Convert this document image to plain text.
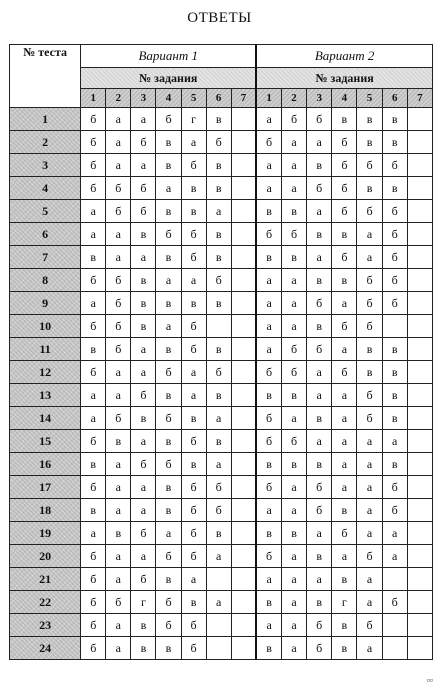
ОТВЕТЫ
№ теста	Вариант 1							Вариант 2						
	№ задания							№ задания						
	1	2	3	4	5	6	7	1	2	3	4	5	6	7
1	б	а	а	б	г	в		а	б	б	в	в	в	
2	б	а	б	в	а	б		б	а	а	б	в	в	
3	б	а	а	в	б	в		а	а	в	б	б	б	
4	б	б	б	а	в	в		а	а	б	б	в	в	
5	а	б	б	в	в	а		в	в	а	б	б	б	
6	а	а	в	б	б	в		б	б	в	в	а	б	
7	в	а	а	в	б	в		в	в	а	б	а	б	
8	б	б	в	а	а	б		а	а	в	в	б	б	
9	а	б	в	в	в	в		а	а	б	а	б	б	
10	б	б	в	а	б			а	а	в	б	б		
11	в	б	а	в	б	в		а	б	б	а	в	в	
12	б	а	а	б	а	б		б	б	а	б	в	в	
13	а	а	б	в	а	в		в	в	а	а	б	в	
14	а	б	в	б	в	а		б	а	в	а	б	в	
15	б	в	а	в	б	в		б	б	а	а	а	а	
16	в	а	б	б	в	а		в	в	в	а	а	в	
17	б	а	а	в	б	б		б	а	б	а	а	б	
18	в	а	а	в	б	б		а	а	б	в	а	б	
19	а	в	б	а	б	в		в	в	а	б	а	а	
20	б	а	а	б	б	а		б	а	в	а	б	а	
21	б	а	б	в	а			а	а	а	в	а		
22	б	б	г	б	в	а		в	а	в	г	а	б	
23	б	а	в	б	б			а	а	б	в	б		
24	б	а	в	в	б			в	а	б	в	а		
▫▫
